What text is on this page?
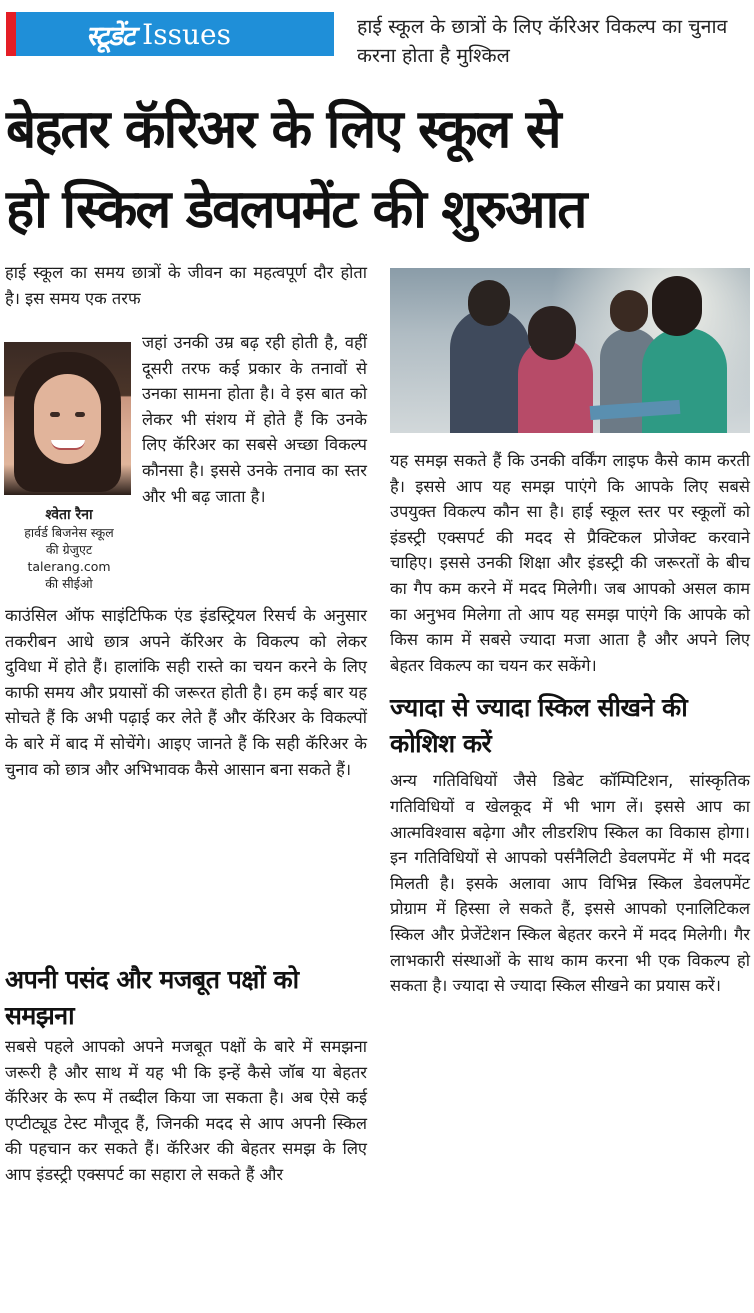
स्टूडेंट Issues	हाई स्कूल के छात्रों के लिए कॅरिअर विकल्प का चुनाव करना होता है मुश्किल
बेहतर कॅरिअर के लिए स्कूल से
हो स्किल डेवलपमेंट की शुरुआत

हाई स्कूल का समय छात्रों के जीवन का महत्वपूर्ण दौर होता है। इस समय एक तरफ

जहां उनकी उम्र बढ़ रही होती है, वहीं दूसरी तरफ कई प्रकार के तनावों से उनका सामना होता है। वे इस बात को लेकर भी संशय में होते हैं कि उनके लिए कॅरिअर का सबसे अच्छा विकल्प कौनसा है। इससे उनके तनाव का स्तर और भी बढ़ जाता है।

काउंसिल ऑफ साइंटिफिक एंड इंडस्ट्रियल रिसर्च के अनुसार तकरीबन आधे छात्र अपने कॅरिअर के विकल्प को लेकर दुविधा में होते हैं। हालांकि सही रास्ते का चयन करने के लिए काफी समय और प्रयासों की जरूरत होती है। हम कई बार यह सोचते हैं कि अभी पढ़ाई कर लेते हैं और कॅरिअर के विकल्पों के बारे में बाद में सोचेंगे। आइए जानते हैं कि सही कॅरिअर के चुनाव को छात्र और अभिभावक कैसे आसान बना सकते हैं।

श्वेता रैना
हार्वर्ड बिजनेस स्कूल
की ग्रेजुएट
talerang.com
की सीईओ
अपनी पसंद और मजबूत पक्षों को समझना

सबसे पहले आपको अपने मजबूत पक्षों के बारे में समझना जरूरी है और साथ में यह भी कि इन्हें कैसे जॉब या बेहतर कॅरिअर के रूप में तब्दील किया जा सकता है। अब ऐसे कई एप्टीट्यूड टेस्ट मौजूद हैं, जिनकी मदद से आप अपनी स्किल की पहचान कर सकते हैं। कॅरिअर की बेहतर समझ के लिए आप इंडस्ट्री एक्सपर्ट का सहारा ले सकते हैं और

यह समझ सकते हैं कि उनकी वर्किंग लाइफ कैसे काम करती है। इससे आप यह समझ पाएंगे कि आपके लिए सबसे उपयुक्त विकल्प कौन सा है। हाई स्कूल स्तर पर स्कूलों को इंडस्ट्री एक्सपर्ट की मदद से प्रैक्टिकल प्रोजेक्ट करवाने चाहिए। इससे उनकी शिक्षा और इंडस्ट्री की जरूरतों के बीच का गैप कम करने में मदद मिलेगी। जब आपको असल काम का अनुभव मिलेगा तो आप यह समझ पाएंगे कि आपके को किस काम में सबसे ज्यादा मजा आता है और अपने लिए बेहतर विकल्प का चयन कर सकेंगे।

ज्यादा से ज्यादा स्किल सीखने की कोशिश करें

अन्य गतिविधियों जैसे डिबेट कॉम्पिटिशन, सांस्कृतिक गतिविधियों व खेलकूद में भी भाग लें। इससे आप का आत्मविश्वास बढ़ेगा और लीडरशिप स्किल का विकास होगा। इन गतिविधियों से आपको पर्सनैलिटी डेवलपमेंट में भी मदद मिलती है। इसके अलावा आप विभिन्न स्किल डेवलपमेंट प्रोग्राम में हिस्सा ले सकते हैं, इससे आपको एनालिटिकल स्किल और प्रेजेंटेशन स्किल बेहतर करने में मदद मिलेगी। गैर लाभकारी संस्थाओं के साथ काम करना भी एक विकल्प हो सकता है। ज्यादा से ज्यादा स्किल सीखने का प्रयास करें।
